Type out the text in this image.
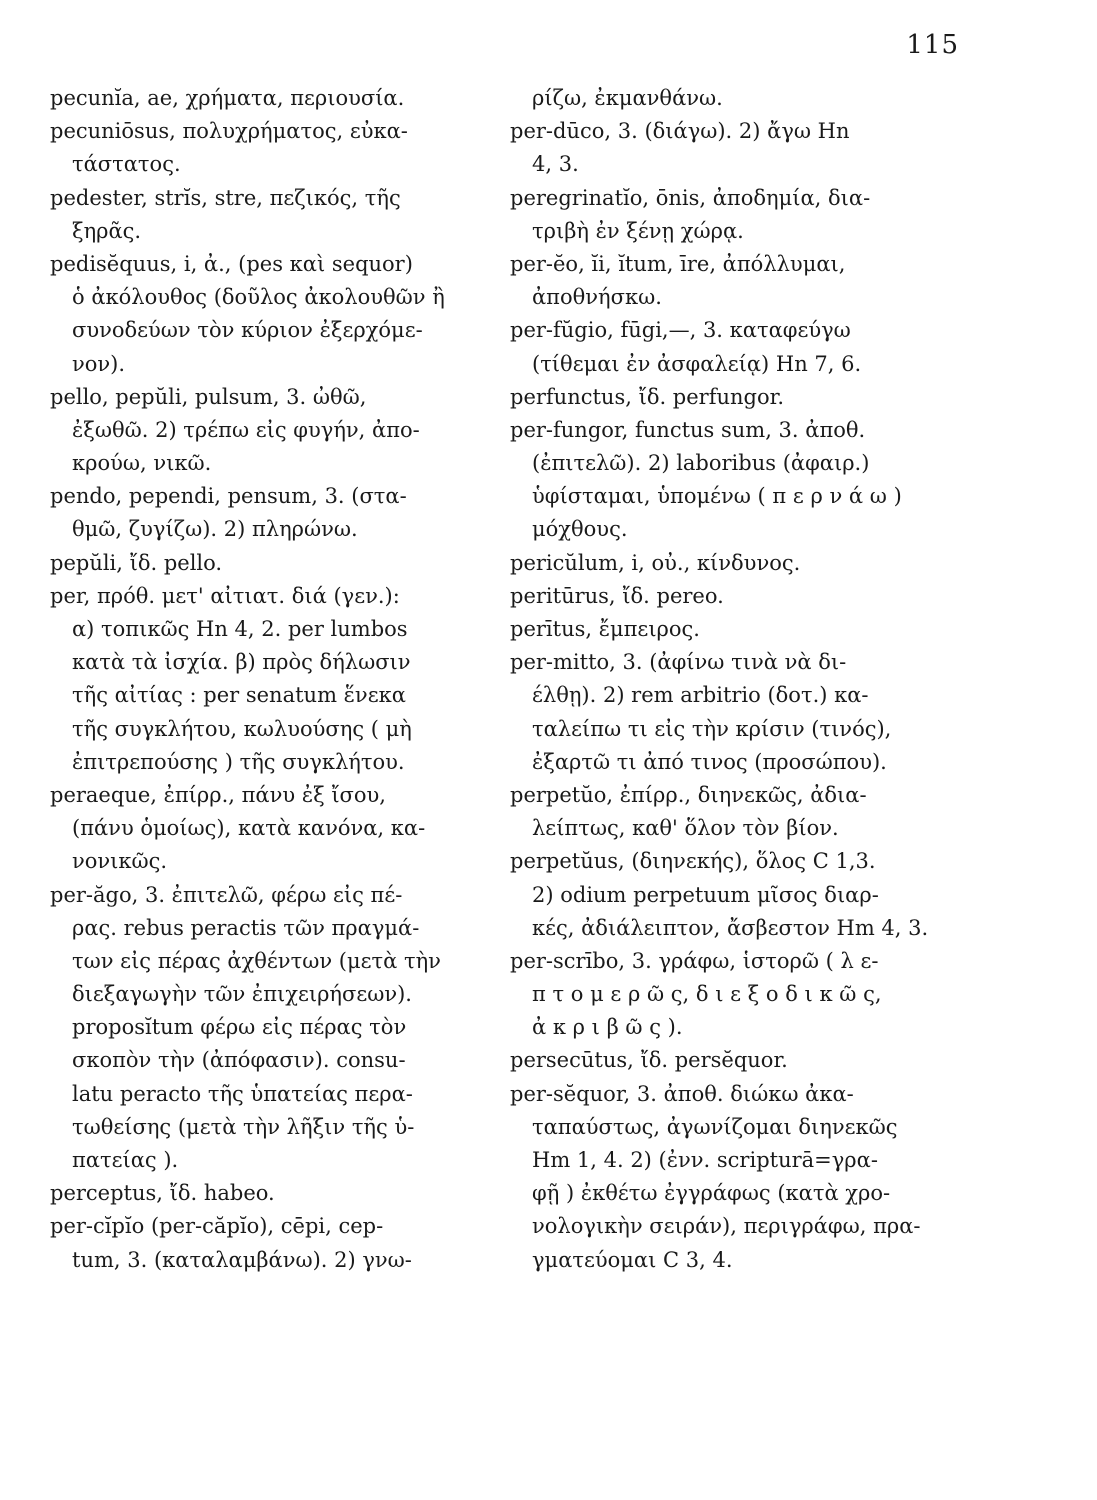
115
pecunĭa, ae, χρήματα, περιουσία.
pecuniōsus, πολυχρήματος, εὐκα-
τάστατος.
pedester, strĭs, stre, πεζικός, τῆς
ξηρᾶς.
pedisĕquus, i, ἀ., (pes καὶ sequor)
ὁ ἀκόλουθος (δοῦλος ἀκολουθῶν ἢ
συνοδεύων τὸν κύριον ἐξερχόμε-
νον).
pello, pepŭli, pulsum, 3. ὠθῶ,
ἐξωθῶ. 2) τρέπω εἰς φυγήν, ἀπο-
κρούω, νικῶ.
pendo, pependi, pensum, 3. (στα-
θμῶ, ζυγίζω). 2) πληρώνω.
pepŭli, ἴδ. pello.
per, πρόθ. μετ' αἰτιατ. διά (γεν.):
α) τοπικῶς Hn 4, 2. per lumbos
κατὰ τὰ ἰσχία. β) πρὸς δήλωσιν
τῆς αἰτίας : per senatum ἕνεκα
τῆς συγκλήτου, κωλυούσης ( μὴ
ἐπιτρεπούσης ) τῆς συγκλήτου.
peraeque, ἐπίρρ., πάνυ ἐξ ἴσου,
(πάνυ ὁμοίως), κατὰ κανόνα, κα-
νονικῶς.
per-ăgo, 3. ἐπιτελῶ, φέρω εἰς πέ-
ρας. rebus peractis τῶν πραγμά-
των εἰς πέρας ἀχθέντων (μετὰ τὴν
διεξαγωγὴν τῶν ἐπιχειρήσεων).
proposĭtum φέρω εἰς πέρας τὸν
σκοπὸν τὴν (ἀπόφασιν). consu-
latu peracto τῆς ὑπατείας περα-
τωθείσης (μετὰ τὴν λῆξιν τῆς ὑ-
πατείας ).
perceptus, ἴδ. habeo.
per-cĭpĭo (per-căpĭo), cēpi, cep-
tum, 3. (καταλαμβάνω). 2) γνω-
ρίζω, ἐκμανθάνω.
per-dūco, 3. (διάγω). 2) ἄγω Hn
4, 3.
peregrinatĭo, ōnis, ἀποδημία, δια-
τριβὴ ἐν ξένῃ χώρᾳ.
per-ĕo, ĭi, ĭtum, īre, ἀπόλλυμαι,
ἀποθνήσκω.
per-fŭgio, fūgi,—, 3. καταφεύγω
(τίθεμαι ἐν ἀσφαλείᾳ) Hn 7, 6.
perfunctus, ἴδ. perfungor.
per-fungor, functus sum, 3. ἀποθ.
(ἐπιτελῶ). 2) laboribus (ἀφαιρ.)
ὑφίσταμαι, ὑπομένω ( π ε ρ ν ά ω )
μόχθους.
pericŭlum, i, οὐ., κίνδυνος.
peritūrus, ἴδ. pereo.
perītus, ἔμπειρος.
per-mitto, 3. (ἀφίνω τινὰ νὰ δι-
έλθῃ). 2) rem arbitrio (δοτ.) κα-
ταλείπω τι εἰς τὴν κρίσιν (τινός),
ἐξαρτῶ τι ἀπό τινος (προσώπου).
perpetŭo, ἐπίρρ., διηνεκῶς, ἀδια-
λείπτως, καθ' ὅλον τὸν βίον.
perpetŭus, (διηνεκής), ὅλος C 1,3.
2) odium perpetuum μῖσος διαρ-
κές, ἀδιάλειπτον, ἄσβεστον Hm 4, 3.
per-scrībo, 3. γράφω, ἱστορῶ ( λ ε-
π τ ο μ ε ρ ῶ ς, δ ι ε ξ ο δ ι κ ῶ ς,
ἀ κ ρ ι β ῶ ς ).
persecūtus, ἴδ. persĕquor.
per-sĕquor, 3. ἀποθ. διώκω ἀκα-
ταπαύστως, ἀγωνίζομαι διηνεκῶς
Hm 1, 4. 2) (ἐνν. scripturā=γρα-
φῇ ) ἐκθέτω ἐγγράφως (κατὰ χρο-
νολογικὴν σειράν), περιγράφω, πρα-
γματεύομαι C 3, 4.
